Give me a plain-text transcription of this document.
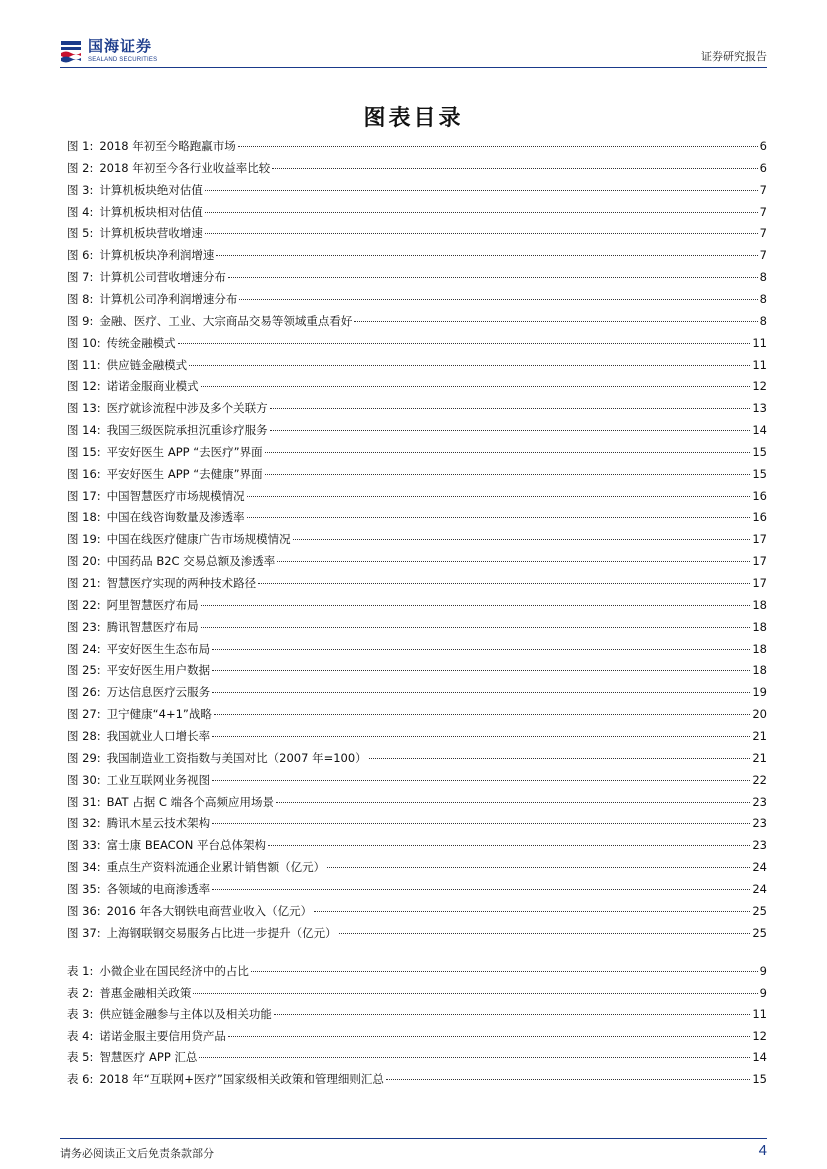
国海证券
SEALAND SECURITIES	证券研究报告
图表目录
图 1: 2018 年初至今略跑赢市场	6
图 2: 2018 年初至今各行业收益率比较	6
图 3: 计算机板块绝对估值	7
图 4: 计算机板块相对估值	7
图 5: 计算机板块营收增速	7
图 6: 计算机板块净利润增速	7
图 7: 计算机公司营收增速分布	8
图 8: 计算机公司净利润增速分布	8
图 9: 金融、医疗、工业、大宗商品交易等领域重点看好	8
图 10: 传统金融模式	11
图 11: 供应链金融模式	11
图 12: 诺诺金服商业模式	12
图 13: 医疗就诊流程中涉及多个关联方	13
图 14: 我国三级医院承担沉重诊疗服务	14
图 15: 平安好医生 APP “去医疗”界面	15
图 16: 平安好医生 APP “去健康”界面	15
图 17: 中国智慧医疗市场规模情况	16
图 18: 中国在线咨询数量及渗透率	16
图 19: 中国在线医疗健康广告市场规模情况	17
图 20: 中国药品 B2C 交易总额及渗透率	17
图 21: 智慧医疗实现的两种技术路径	17
图 22: 阿里智慧医疗布局	18
图 23: 腾讯智慧医疗布局	18
图 24: 平安好医生生态布局	18
图 25: 平安好医生用户数据	18
图 26: 万达信息医疗云服务	19
图 27: 卫宁健康“4+1”战略	20
图 28: 我国就业人口增长率	21
图 29: 我国制造业工资指数与美国对比（2007 年=100）	21
图 30: 工业互联网业务视图	22
图 31: BAT 占据 C 端各个高频应用场景	23
图 32: 腾讯木星云技术架构	23
图 33: 富士康 BEACON 平台总体架构	23
图 34: 重点生产资料流通企业累计销售额（亿元）	24
图 35: 各领域的电商渗透率	24
图 36: 2016 年各大钢铁电商营业收入（亿元）	25
图 37: 上海钢联钢交易服务占比进一步提升（亿元）	25
表 1: 小微企业在国民经济中的占比	9
表 2: 普惠金融相关政策	9
表 3: 供应链金融参与主体以及相关功能	11
表 4: 诺诺金服主要信用贷产品	12
表 5: 智慧医疗 APP 汇总	14
表 6: 2018 年“互联网+医疗”国家级相关政策和管理细则汇总	15
请务必阅读正文后免责条款部分	4
